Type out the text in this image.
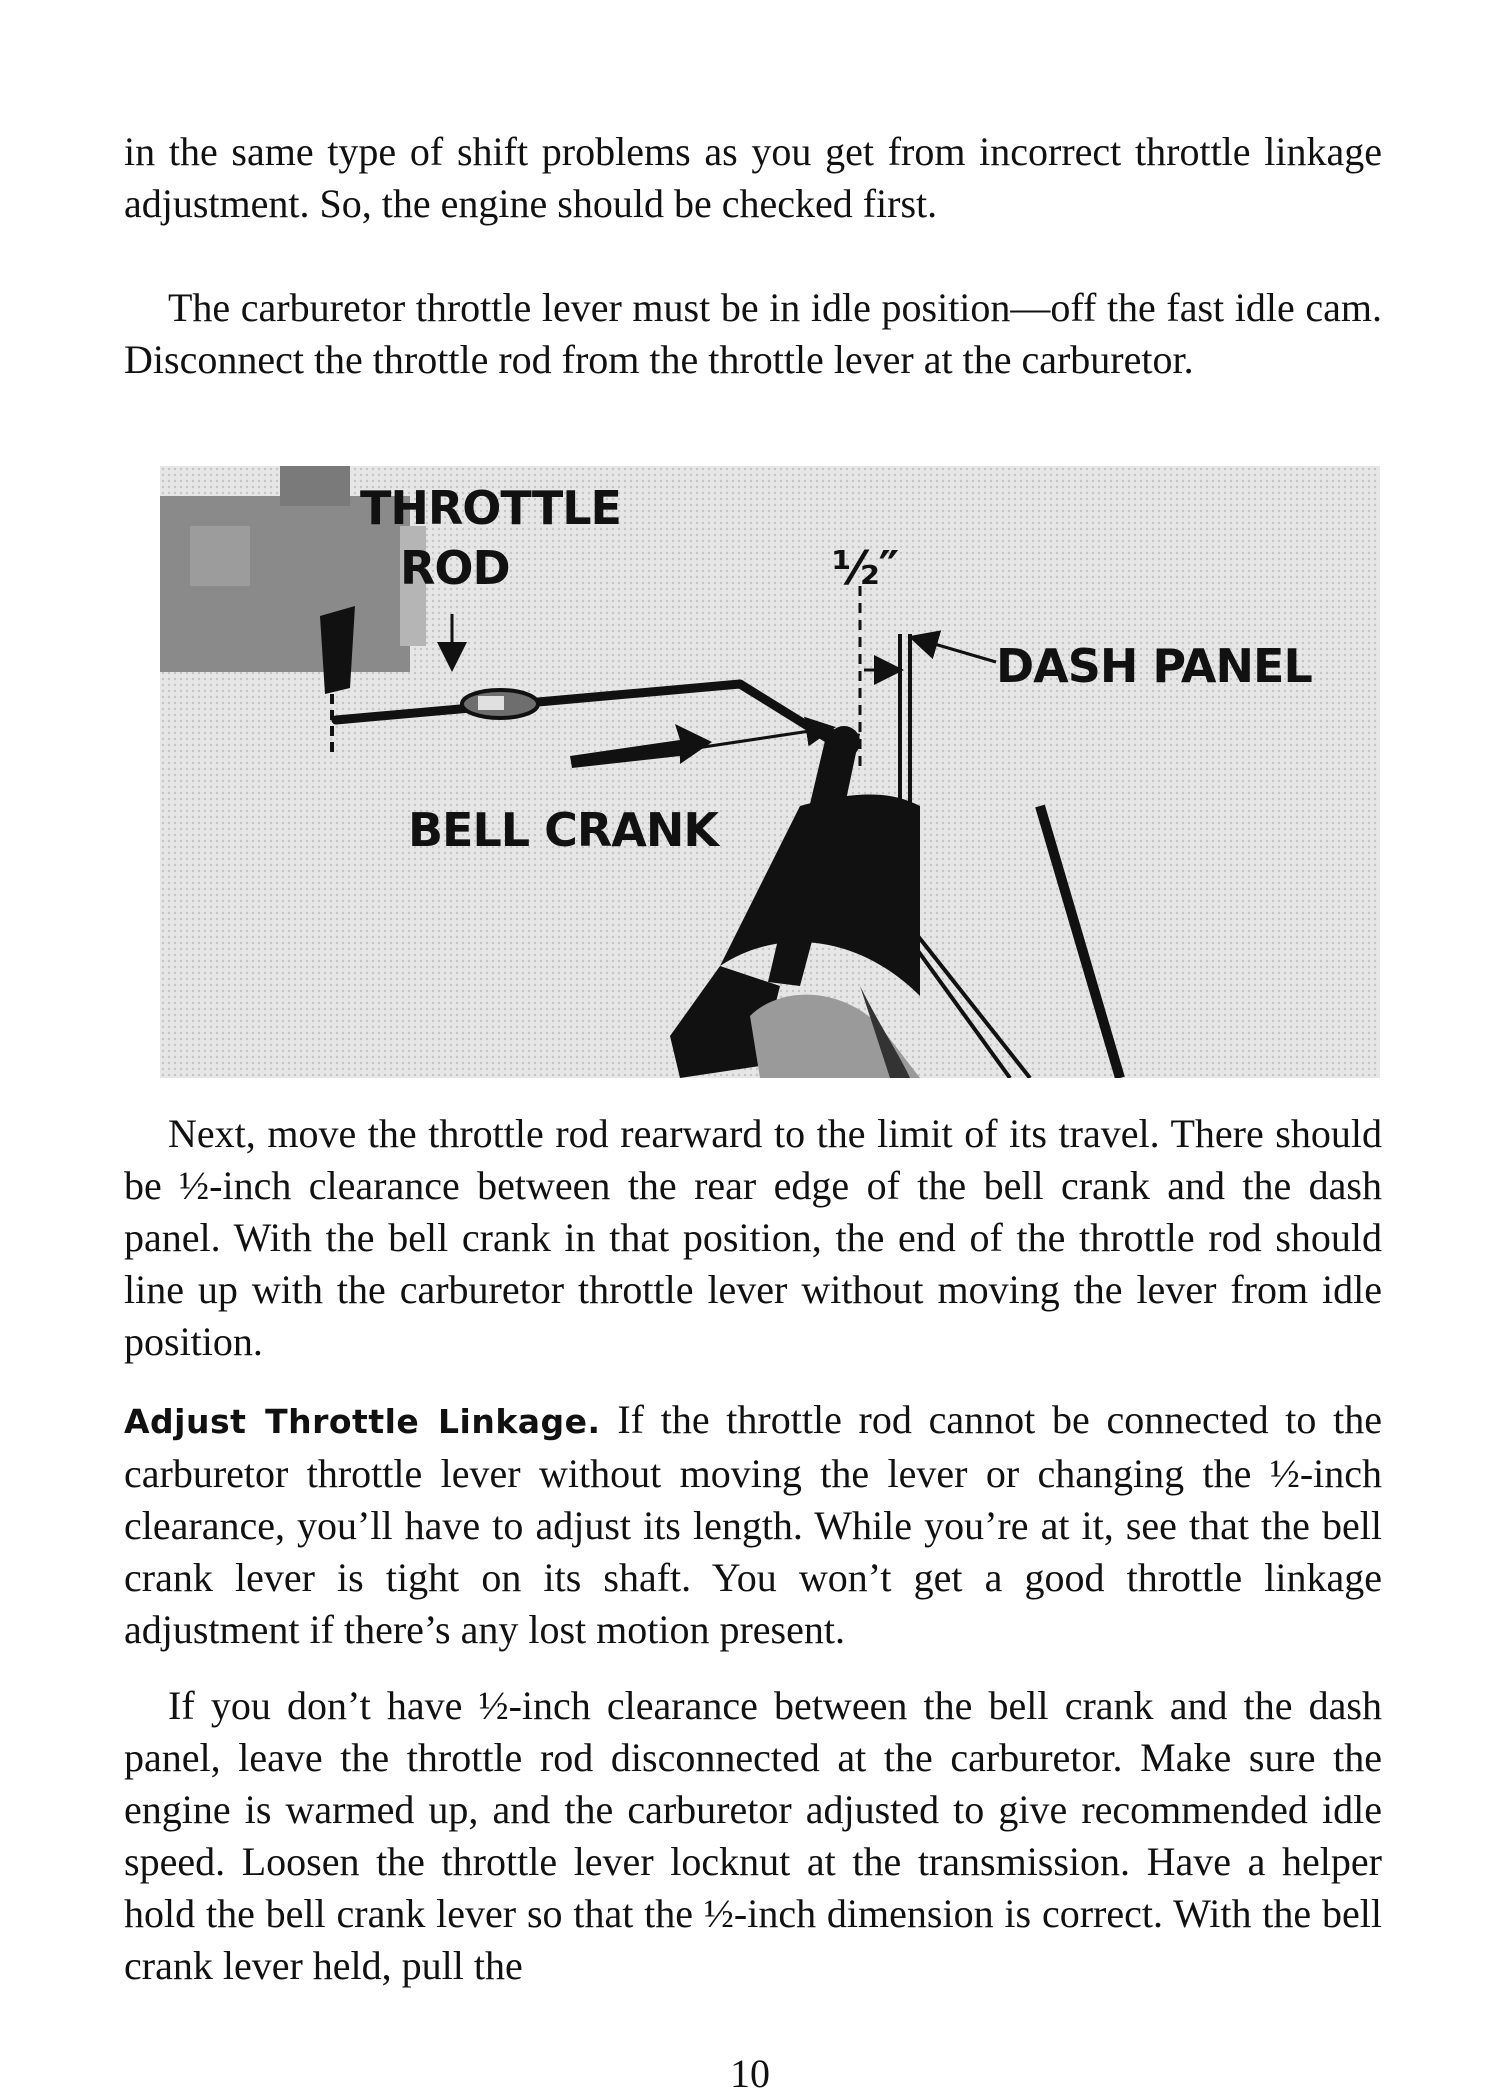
in the same type of shift problems as you get from incorrect throttle linkage adjustment. So, the engine should be checked first.

The carburetor throttle lever must be in idle position—off the fast idle cam. Disconnect the throttle rod from the throttle lever at the carburetor.

THROTTLE
ROD	½″
DASH PANEL
BELL CRANK

Next, move the throttle rod rearward to the limit of its travel. There should be ½-inch clearance between the rear edge of the bell crank and the dash panel. With the bell crank in that position, the end of the throttle rod should line up with the carburetor throttle lever without moving the lever from idle position.

Adjust Throttle Linkage. If the throttle rod cannot be connected to the carburetor throttle lever without moving the lever or changing the ½-inch clearance, you’ll have to adjust its length. While you’re at it, see that the bell crank lever is tight on its shaft. You won’t get a good throttle linkage adjustment if there’s any lost motion present.

If you don’t have ½-inch clearance between the bell crank and the dash panel, leave the throttle rod disconnected at the carburetor. Make sure the engine is warmed up, and the carburetor adjusted to give recommended idle speed. Loosen the throttle lever locknut at the transmission. Have a helper hold the bell crank lever so that the ½-inch dimension is correct. With the bell crank lever held, pull the

10
